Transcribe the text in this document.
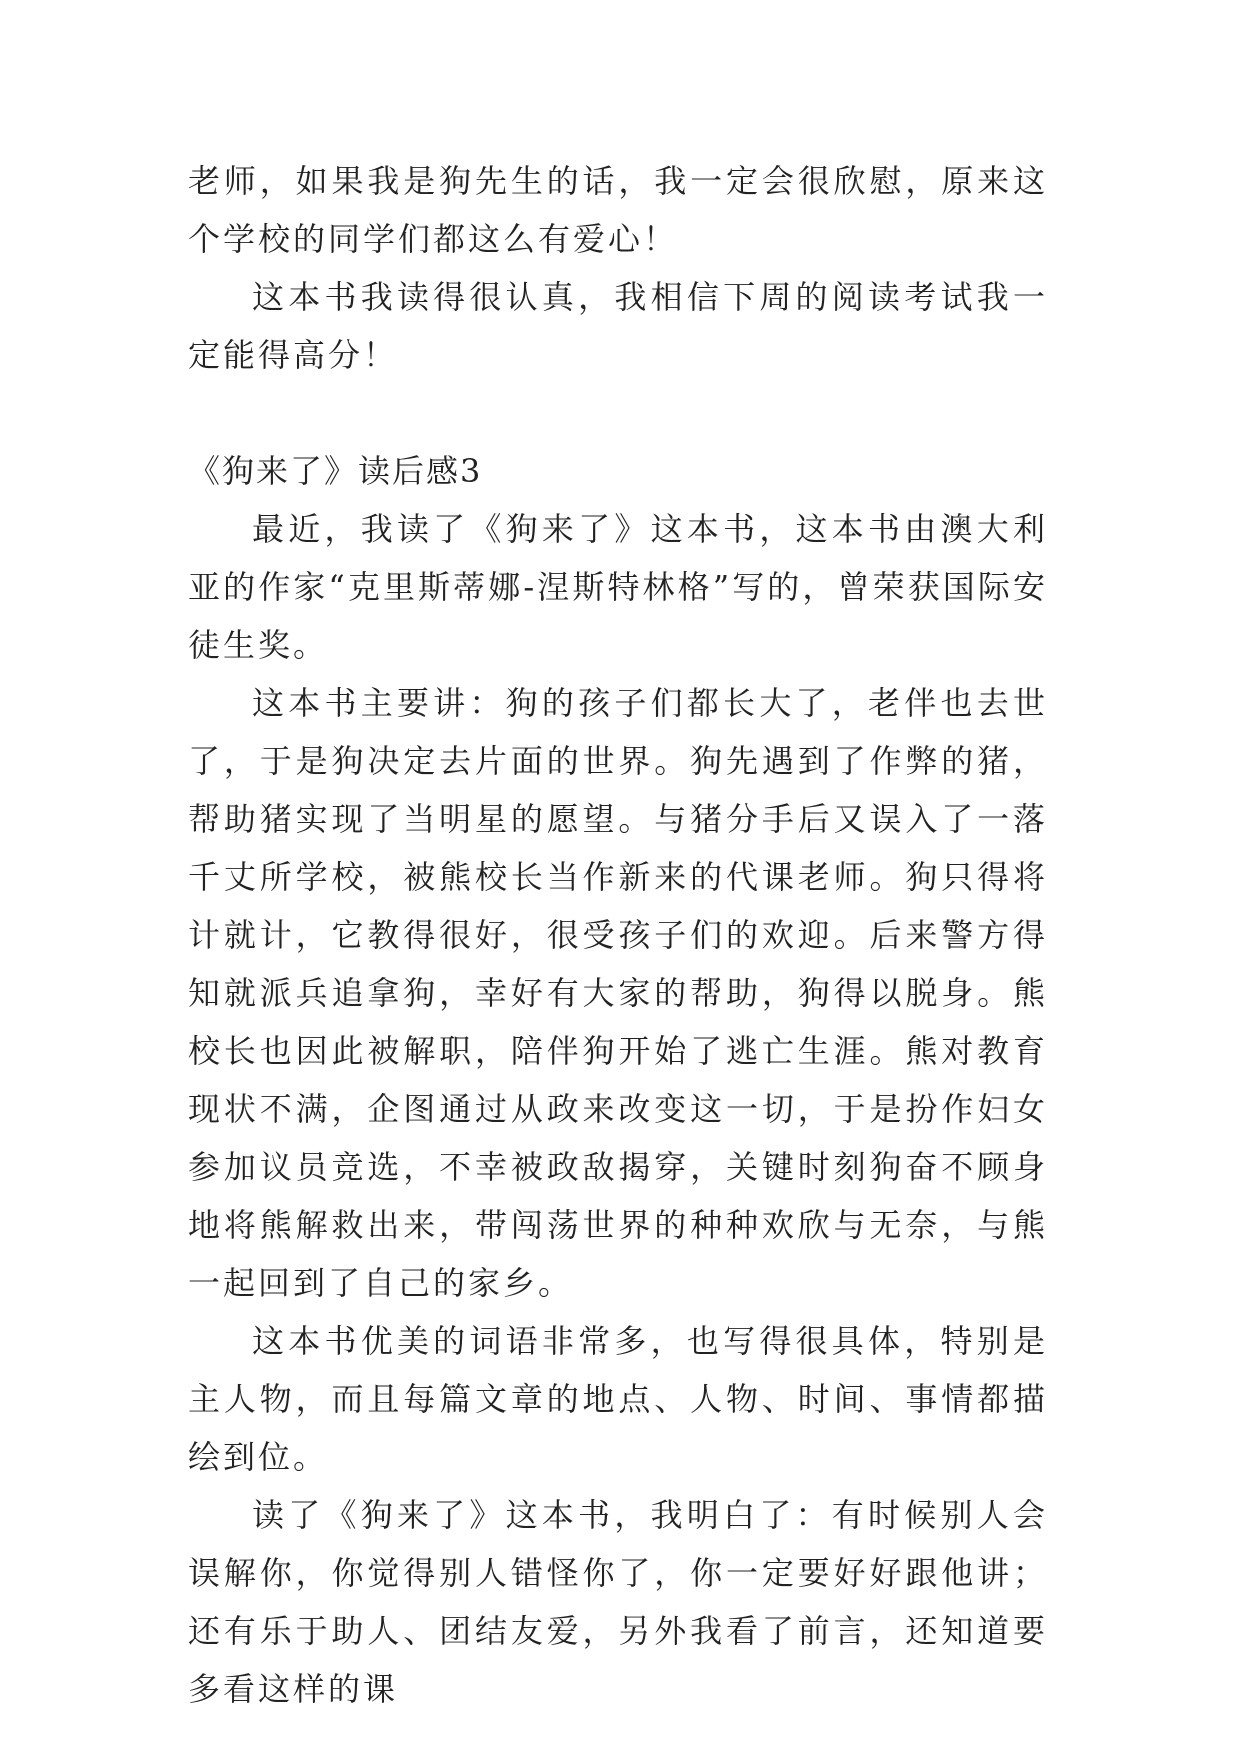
老师，如果我是狗先生的话，我一定会很欣慰，原来这个学校的同学们都这么有爱心！

这本书我读得很认真，我相信下周的阅读考试我一定能得高分！

《狗来了》读后感3

最近，我读了《狗来了》这本书，这本书由澳大利亚的作家“克里斯蒂娜-涅斯特林格”写的，曾荣获国际安徒生奖。

这本书主要讲：狗的孩子们都长大了，老伴也去世了，于是狗决定去片面的世界。狗先遇到了作弊的猪，帮助猪实现了当明星的愿望。与猪分手后又误入了一落千丈所学校，被熊校长当作新来的代课老师。狗只得将计就计，它教得很好，很受孩子们的欢迎。后来警方得知就派兵追拿狗，幸好有大家的帮助，狗得以脱身。熊校长也因此被解职，陪伴狗开始了逃亡生涯。熊对教育现状不满，企图通过从政来改变这一切，于是扮作妇女参加议员竞选，不幸被政敌揭穿，关键时刻狗奋不顾身地将熊解救出来，带闯荡世界的种种欢欣与无奈，与熊一起回到了自己的家乡。

这本书优美的词语非常多，也写得很具体，特别是主人物，而且每篇文章的地点、人物、时间、事情都描绘到位。

读了《狗来了》这本书，我明白了：有时候别人会误解你，你觉得别人错怪你了，你一定要好好跟他讲；还有乐于助人、团结友爱，另外我看了前言，还知道要多看这样的课
